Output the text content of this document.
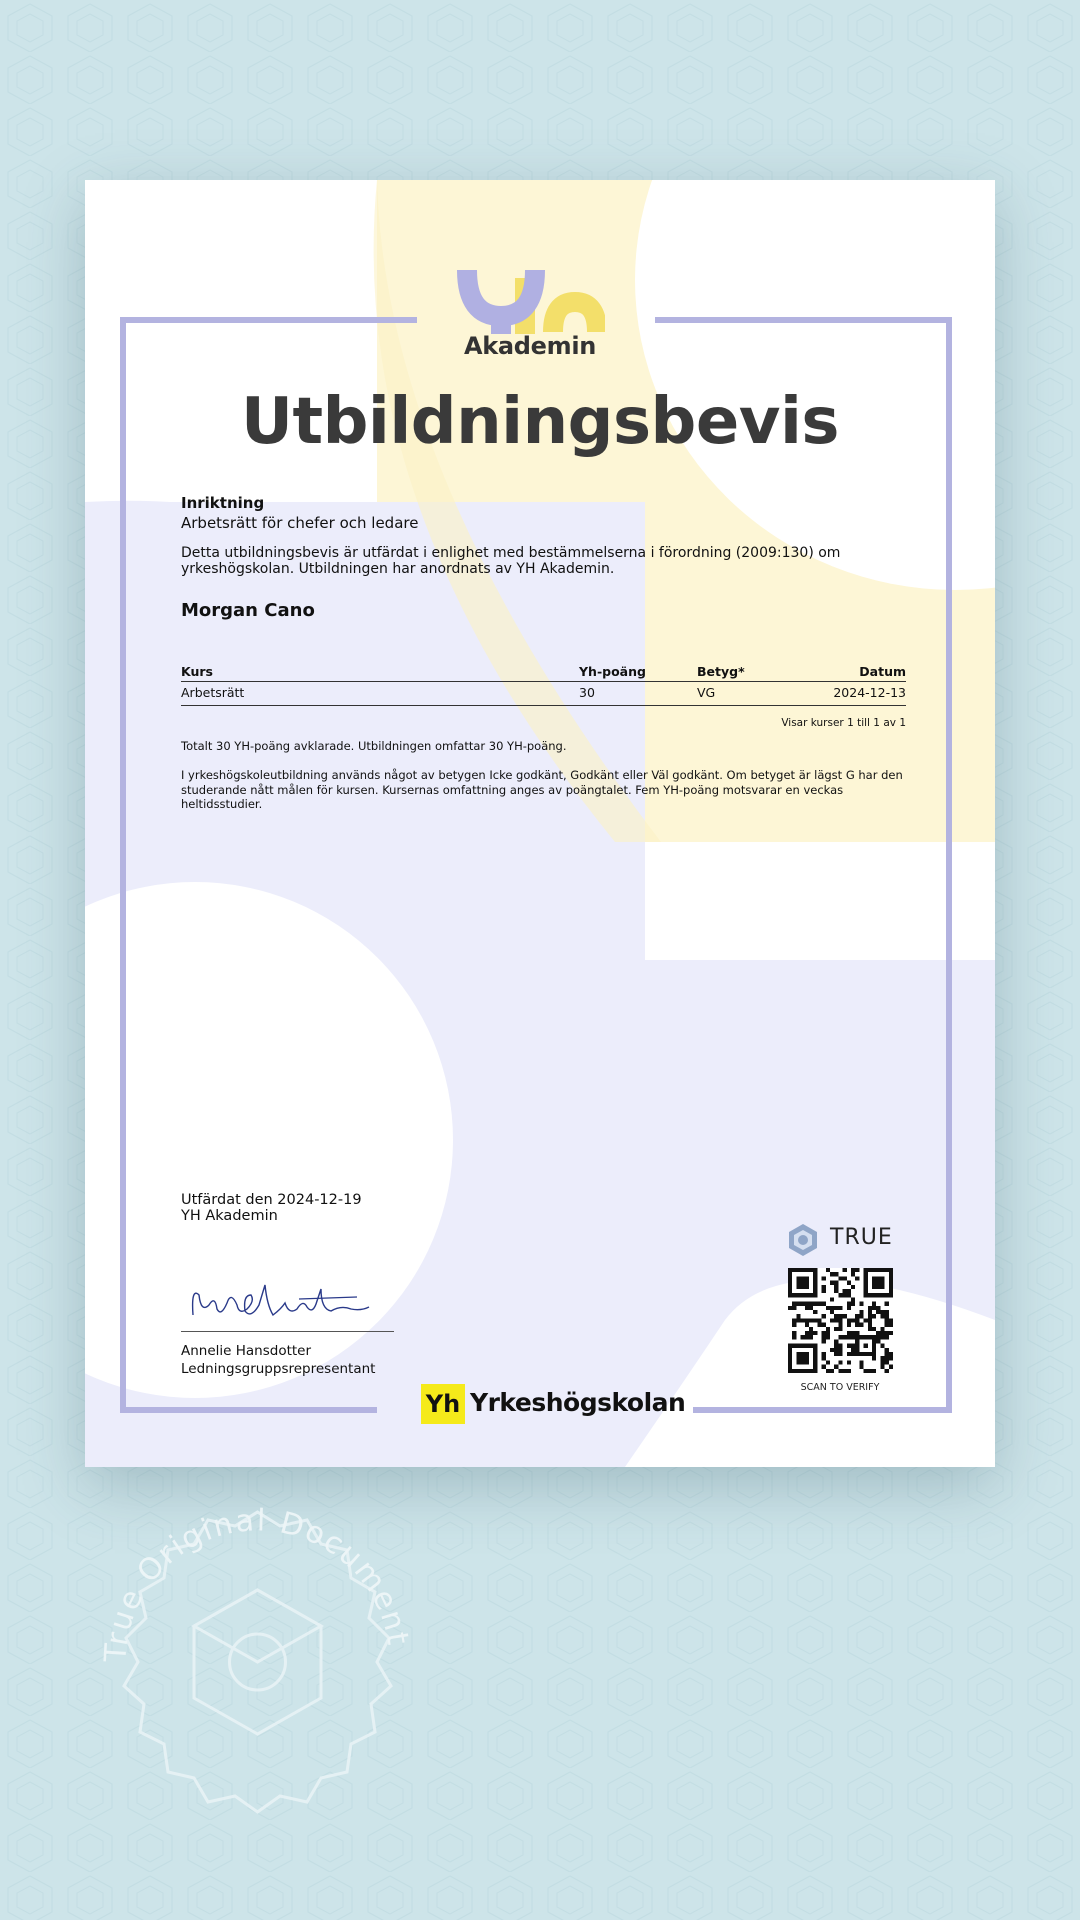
Akademin
Utbildningsbevis
Inriktning
Arbetsrätt för chefer och ledare
Detta utbildningsbevis är utfärdat i enlighet med bestämmelserna i förordning (2009:130) om
yrkeshögskolan. Utbildningen har anordnats av YH Akademin.
Morgan Cano
Kurs	Yh-poäng	Betyg*	Datum
Arbetsrätt	30	VG	2024-12-13
Visar kurser 1 till 1 av 1
Totalt 30 YH-poäng avklarade. Utbildningen omfattar 30 YH-poäng.
I yrkeshögskoleutbildning används något av betygen Icke godkänt, Godkänt eller Väl godkänt. Om betyget är lägst G har den
studerande nått målen för kursen. Kursernas omfattning anges av poängtalet. Fem YH-poäng motsvarar en veckas
heltidsstudier.
Utfärdat den 2024-12-19
YH Akademin
Annelie Hansdotter
Ledningsgruppsrepresentant
TRUE
SCAN TO VERIFY
Yh Yrkeshögskolan
True Original Document
